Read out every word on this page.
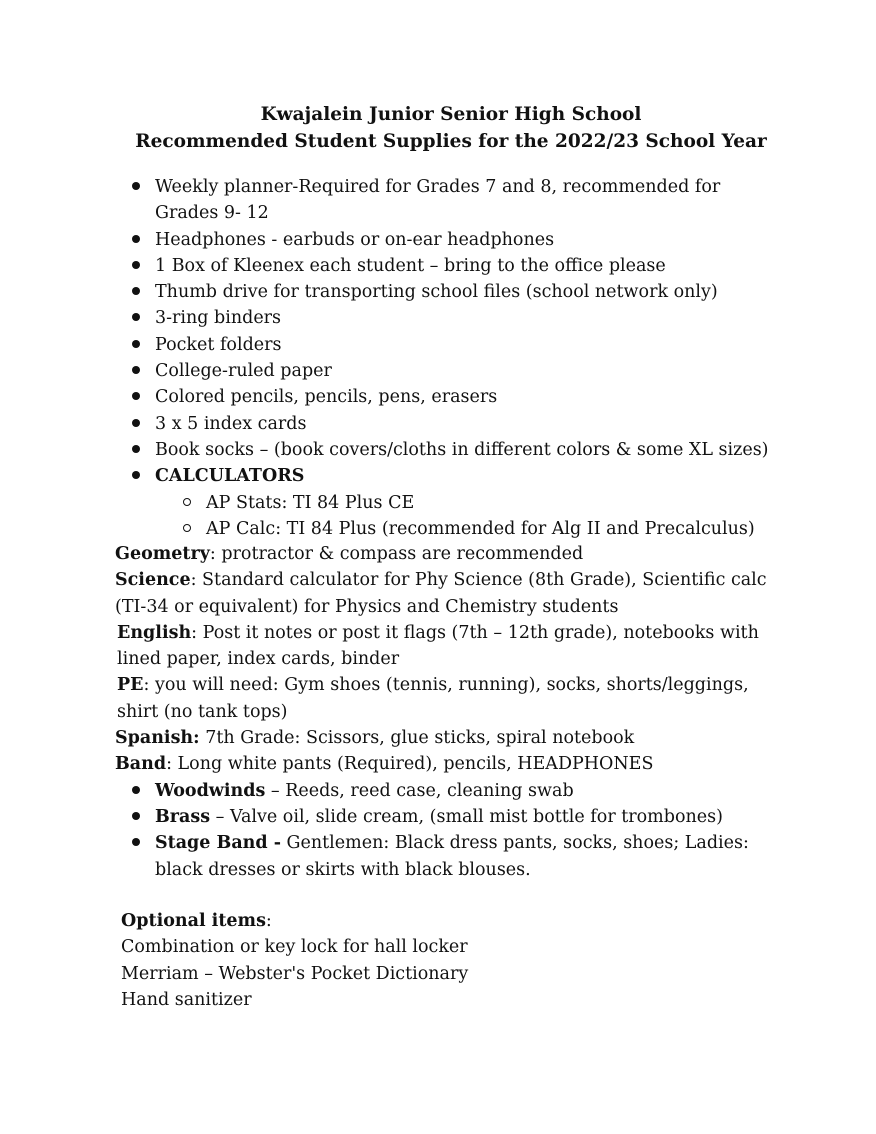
Kwajalein Junior Senior High School
Recommended Student Supplies for the 2022/23 School Year
Weekly planner-Required for Grades 7 and 8, recommended for
Grades 9- 12
Headphones - earbuds or on-ear headphones
1 Box of Kleenex each student – bring to the office please
Thumb drive for transporting school files (school network only)
3-ring binders
Pocket folders
College-ruled paper
Colored pencils, pencils, pens, erasers
3 x 5 index cards
Book socks – (book covers/cloths in different colors & some XL sizes)
CALCULATORS
AP Stats: TI 84 Plus CE
AP Calc: TI 84 Plus (recommended for Alg II and Precalculus)
Geometry: protractor & compass are recommended
Science: Standard calculator for Phy Science (8th Grade), Scientific calc
(TI-34 or equivalent) for Physics and Chemistry students
English: Post it notes or post it flags (7th – 12th grade), notebooks with
lined paper, index cards, binder
PE: you will need: Gym shoes (tennis, running), socks, shorts/leggings,
shirt (no tank tops)
Spanish: 7th Grade: Scissors, glue sticks, spiral notebook
Band: Long white pants (Required), pencils, HEADPHONES
Woodwinds – Reeds, reed case, cleaning swab
Brass – Valve oil, slide cream, (small mist bottle for trombones)
Stage Band - Gentlemen: Black dress pants, socks, shoes; Ladies:
black dresses or skirts with black blouses.
Optional items:
Combination or key lock for hall locker
Merriam – Webster's Pocket Dictionary
Hand sanitizer
